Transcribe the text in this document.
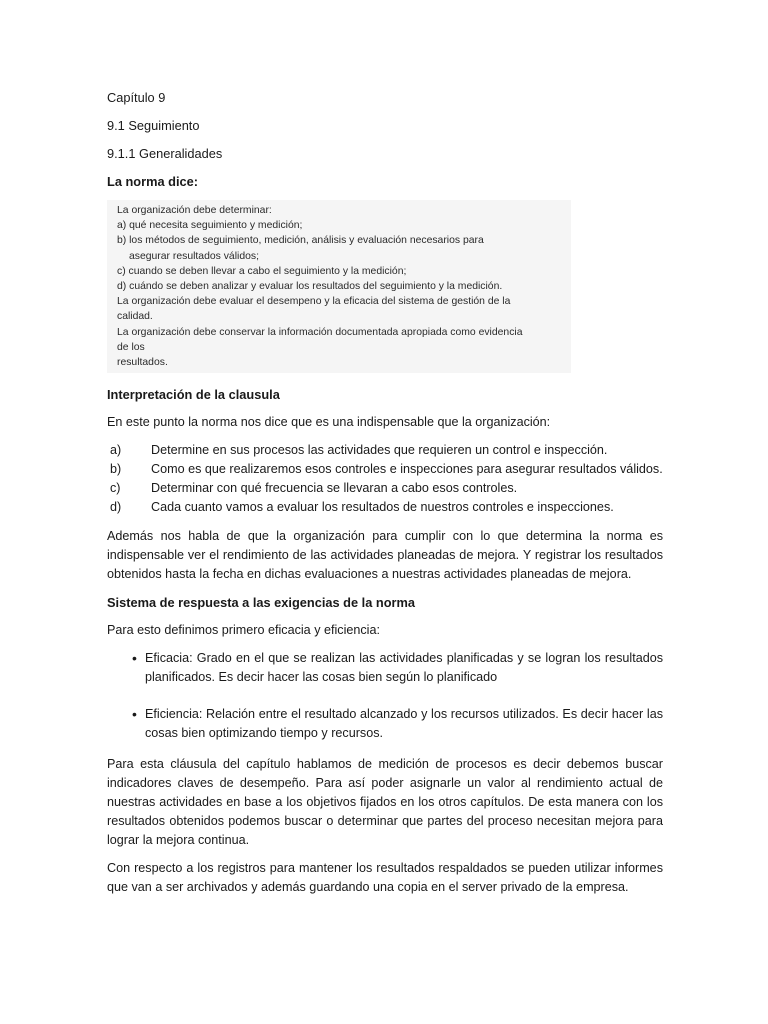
Capítulo 9
9.1 Seguimiento
9.1.1 Generalidades
La norma dice:
La organización debe determinar:
a) qué necesita seguimiento y medición;
b) los métodos de seguimiento, medición, análisis y evaluación necesarios para
asegurar resultados válidos;
c) cuando se deben llevar a cabo el seguimiento y la medición;
d) cuándo se deben analizar y evaluar los resultados del seguimiento y la medición.
La organización debe evaluar el desempeno y la eficacia del sistema de gestión de la
calidad.
La organización debe conservar la información documentada apropiada como evidencia
de los
resultados.
Interpretación de la clausula
En este punto la norma nos dice que es una indispensable que la organización:
a)	Determine en sus procesos las actividades que requieren un control e inspección.
b)	Como es que realizaremos esos controles e inspecciones para asegurar resultados válidos.
c)	Determinar con qué frecuencia se llevaran a cabo esos controles.
d)	Cada cuanto vamos a evaluar los resultados de nuestros controles e inspecciones.
Además nos habla de que la organización para cumplir con lo que determina la norma es indispensable ver el rendimiento de las actividades planeadas de mejora. Y registrar los resultados obtenidos hasta la fecha en dichas evaluaciones a nuestras actividades planeadas de mejora.
Sistema de respuesta a las exigencias de la norma
Para esto definimos primero eficacia y eficiencia:
• Eficacia: Grado en el que se realizan las actividades planificadas y se logran los resultados planificados. Es decir hacer las cosas bien según lo planificado
• Eficiencia: Relación entre el resultado alcanzado y los recursos utilizados. Es decir hacer las cosas bien optimizando tiempo y recursos.
Para esta cláusula del capítulo hablamos de medición de procesos es decir debemos buscar indicadores claves de desempeño. Para así poder asignarle un valor al rendimiento actual de nuestras actividades en base a los objetivos fijados en los otros capítulos. De esta manera con los resultados obtenidos podemos buscar o determinar que partes del proceso necesitan mejora para lograr la mejora continua.
Con respecto a los registros para mantener los resultados respaldados se pueden utilizar informes que van a ser archivados y además guardando una copia en el server privado de la empresa.
